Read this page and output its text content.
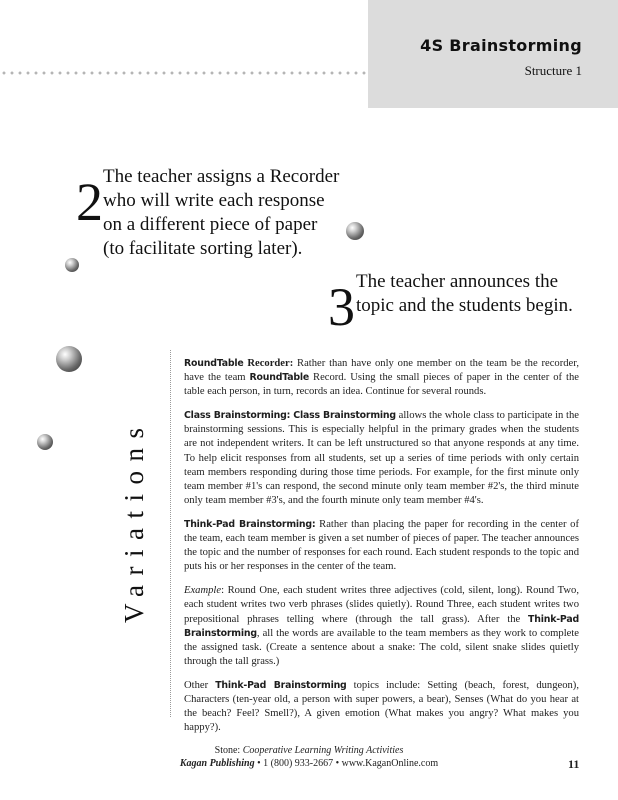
4S Brainstorming
Structure 1
2 The teacher assigns a Recorder
who will write each response
on a different piece of paper
(to facilitate sorting later).
3 The teacher announces the
topic and the students begin.
Variations

RoundTable Recorder: Rather than have only one member on the team be the recorder, have the team RoundTable Record. Using the small pieces of paper in the center of the table each person, in turn, records an idea. Continue for several rounds.

Class Brainstorming: Class Brainstorming allows the whole class to participate in the brainstorming sessions. This is especially helpful in the primary grades when the students are not independent writers. It can be left unstructured so that anyone responds at any time. To help elicit responses from all students, set up a series of time periods with only certain team members responding during those time periods. For example, for the first minute only team member #1's can respond, the second minute only team member #2's, the third minute only team member #3's, and the fourth minute only team member #4's.

Think-Pad Brainstorming: Rather than placing the paper for recording in the center of the team, each team member is given a set number of pieces of paper. The teacher announces the topic and the number of responses for each round. Each student responds to the topic and puts his or her responses in the center of the team.

Example: Round One, each student writes three adjectives (cold, silent, long). Round Two, each student writes two verb phrases (slides quietly). Round Three, each student writes two prepositional phrases telling where (through the tall grass). After the Think-Pad Brainstorming, all the words are available to the team members as they work to complete the assigned task. (Create a sentence about a snake: The cold, silent snake slides quietly through the tall grass.)

Other Think-Pad Brainstorming topics include: Setting (beach, forest, dungeon), Characters (ten-year old, a person with super powers, a bear), Senses (What do you hear at the beach? Feel? Smell?), A given emotion (What makes you angry? What makes you happy?).

Stone: Cooperative Learning Writing Activities
Kagan Publishing • 1 (800) 933-2667 • www.KaganOnline.com	11
